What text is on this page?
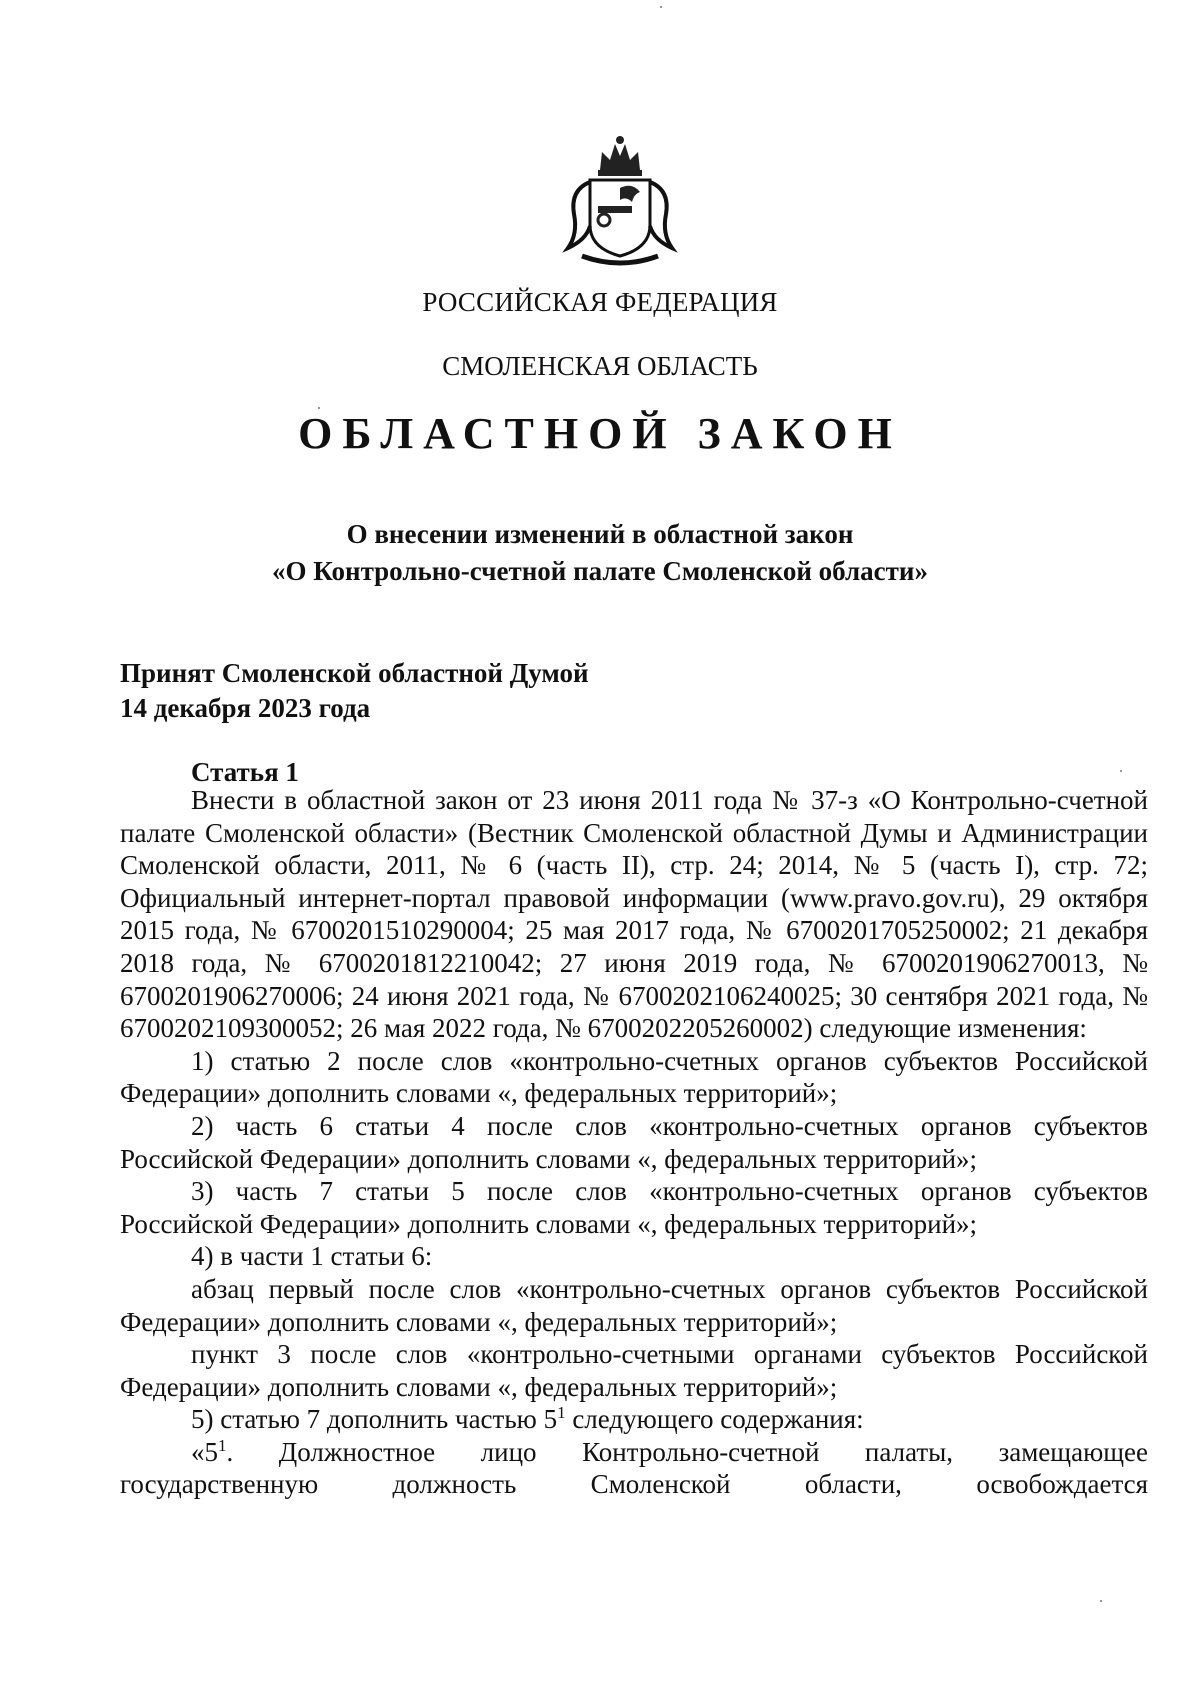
РОССИЙСКАЯ ФЕДЕРАЦИЯ
СМОЛЕНСКАЯ ОБЛАСТЬ
ОБЛАСТНОЙ ЗАКОН
О внесении изменений в областной закон
«О Контрольно-счетной палате Смоленской области»
Принят Смоленской областной Думой
14 декабря 2023 года
Статья 1

Внести в областной закон от 23 июня 2011 года № 37-з «О Контрольно-счетной палате Смоленской области» (Вестник Смоленской областной Думы и Администрации Смоленской области, 2011, № 6 (часть II), стр. 24; 2014, № 5 (часть I), стр. 72; Официальный интернет-портал правовой информации (www.pravo.gov.ru), 29 октября 2015 года, № 6700201510290004; 25 мая 2017 года, № 6700201705250002; 21 декабря 2018 года, № 6700201812210042; 27 июня 2019 года, № 6700201906270013, № 6700201906270006; 24 июня 2021 года, № 6700202106240025; 30 сентября 2021 года, № 6700202109300052; 26 мая 2022 года, № 6700202205260002) следующие изменения:

1) статью 2 после слов «контрольно-счетных органов субъектов Российской Федерации» дополнить словами «, федеральных территорий»;

2) часть 6 статьи 4 после слов «контрольно-счетных органов субъектов Российской Федерации» дополнить словами «, федеральных территорий»;

3) часть 7 статьи 5 после слов «контрольно-счетных органов субъектов Российской Федерации» дополнить словами «, федеральных территорий»;

4) в части 1 статьи 6:

абзац первый после слов «контрольно-счетных органов субъектов Российской Федерации» дополнить словами «, федеральных территорий»;

пункт 3 после слов «контрольно-счетными органами субъектов Российской Федерации» дополнить словами «, федеральных территорий»;

5) статью 7 дополнить частью $5^1$ следующего содержания:

«$5^1$. Должностное лицо Контрольно-счетной палаты, замещающее государственную должность Смоленской области, освобождается
